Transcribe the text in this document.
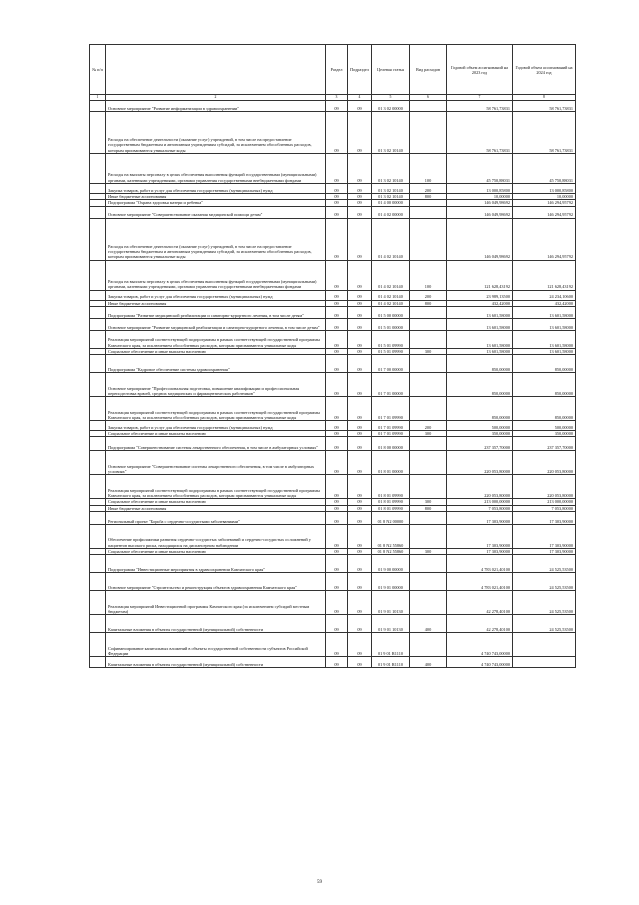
№ п/п		Раздел	Подраздел	Целевая статья	Вид расходов	Годовой объем ассигнований на 2023 год	Годовой объем ассигнований на 2024 год
1	2	3	4	5	6	7	8
	Основное мероприятие "Развитие информатизации в здравоохранении"	09	09	01 3 02 00000		58 761,73831	58 761,73831
	Расходы на обеспечение деятельности (оказание услуг) учреждений, в том числе на предоставление государственным бюджетным и автономным учреждениям субсидий, за исключением обособленных расходов, которым присваиваются уникальные коды	09	09	01 3 02 10140		58 761,73831	58 761,73831
	Расходы на выплаты персоналу в целях обеспечения выполнения функций государственными (муниципальными) органами, казенными учреждениями, органами управления государственными внебюджетными фондами	09	09	01 3 02 10140	100	45 750,88031	45 750,88031
	Закупка товаров, работ и услуг для обеспечения государственных (муниципальных) нужд	09	09	01 3 02 10140	200	13 000,85800	13 000,85800
	Иные бюджетные ассигнования	09	09	01 3 02 10140	800	10,00000	10,00000
	Подпрограмма "Охрана здоровья матери и ребенка"	09	09	01 4 00 00000		146 049,98692	146 294,95792
	Основное мероприятие "Совершенствование оказания медицинской помощи детям"	09	09	01 4 02 00000		146 049,98692	146 294,95792
	Расходы на обеспечение деятельности (оказание услуг) учреждений, в том числе на предоставление государственным бюджетным и автономным учреждениям субсидий, за исключением обособленных расходов, которым присваиваются уникальные коды	09	09	01 4 02 10140		146 049,98692	146 294,95792
	Расходы на выплаты персоналу в целях обеспечения выполнения функций государственными (муниципальными) органами, казенными учреждениями, органами управления государственными внебюджетными фондами	09	09	01 4 02 10140	100	121 628,43192	121 628,43192
	Закупка товаров, работ и услуг для обеспечения государственных (муниципальных) нужд	09	09	01 4 02 10140	200	23 989,13500	24 234,10600
	Иные бюджетные ассигнования	09	09	01 4 02 10140	800	432,42000	432,42000
	Подпрограмма "Развитие медицинской реабилитации и санаторно-курортного лечения, в том числе детям"	09	09	01 5 00 00000		13 601,58000	13 601,58000
	Основное мероприятие "Развитие медицинской реабилитации и санаторно-курортного лечения, в том числе детям"	09	09	01 5 01 00000		13 601,58000	13 601,58000
	Реализация мероприятий соответствующей подпрограммы в рамках соответствующей государственной программы Камчатского края, за исключением обособленных расходов, которым присваиваются уникальные коды	09	09	01 5 01 09990		13 601,58000	13 601,58000
	Социальное обеспечение и иные выплаты населению	09	09	01 5 01 09990	300	13 601,58000	13 601,58000
	Подпрограмма "Кадровое обеспечение системы здравоохранения"	09	09	01 7 00 00000		850,00000	850,00000
	Основное мероприятие "Профессиональная подготовка, повышение квалификации и профессиональная переподготовка врачей, средних медицинских и фармацевтических работников"	09	09	01 7 01 00000		850,00000	850,00000
	Реализация мероприятий соответствующей подпрограммы в рамках соответствующей государственной программы Камчатского края, за исключением обособленных расходов, которым присваиваются уникальные коды	09	09	01 7 01 09990		850,00000	850,00000
	Закупка товаров, работ и услуг для обеспечения государственных (муниципальных) нужд	09	09	01 7 01 09990	200	500,00000	500,00000
	Социальное обеспечение и иные выплаты населению	09	09	01 7 01 09990	300	350,00000	350,00000
	Подпрограмма "Совершенствование системы лекарственного обеспечения, в том числе в амбулаторных условиях"	09	09	01 8 00 00000		237 357,70000	237 357,70000
	Основное мероприятие "Совершенствование системы лекарственного обеспечения, в том числе в амбулаторных условиях"	09	09	01 8 01 00000		220 053,80000	220 053,80000
	Реализация мероприятий соответствующей подпрограммы в рамках соответствующей государственной программы Камчатского края, за исключением обособленных расходов, которым присваиваются уникальные коды	09	09	01 8 01 09990		220 053,80000	220 053,80000
	Социальное обеспечение и иные выплаты населению	09	09	01 8 01 09990	300	213 000,00000	213 000,00000
	Иные бюджетные ассигнования	09	09	01 8 01 09990	800	7 053,80000	7 053,80000
	Региональный проект "Борьба с сердечно-сосудистыми заболеваниями"	09	09	01 8 N2 00000		17 303,90000	17 303,90000
	Обеспечение профилактики развития сердечно-сосудистых заболеваний и сердечно-сосудистых осложнений у пациентов высокого риска, находящихся на диспансерном наблюдении	09	09	01 8 N2 55860		17 303,90000	17 303,90000
	Социальное обеспечение и иные выплаты населению	09	09	01 8 N2 55860	300	17 303,90000	17 303,90000
	Подпрограмма "Инвестиционные мероприятия в здравоохранении Камчатского края"	09	09	01 9 00 00000		4 783 021,40100	24 525,53500
	Основное мероприятие "Строительство и реконструкция объектов здравоохранения Камчатского края"	09	09	01 9 01 00000		4 783 021,40100	24 525,53500
	Реализация мероприятий Инвестиционной программы Камчатского края (за исключением субсидий местным бюджетам)	09	09	01 9 01 10130		42 278,40100	24 525,53500
	Капитальные вложения в объекты государственной (муниципальной) собственности	09	09	01 9 01 10130	400	42 278,40100	24 525,53500
	Софинансирование капитальных вложений в объекты государственной собственности субъектов Российской Федерации	09	09	01 9 01 R1110		4 740 743,00000	
	Капитальные вложения в объекты государственной (муниципальной) собственности	09	09	01 9 01 R1110	400	4 740 743,00000	
59
